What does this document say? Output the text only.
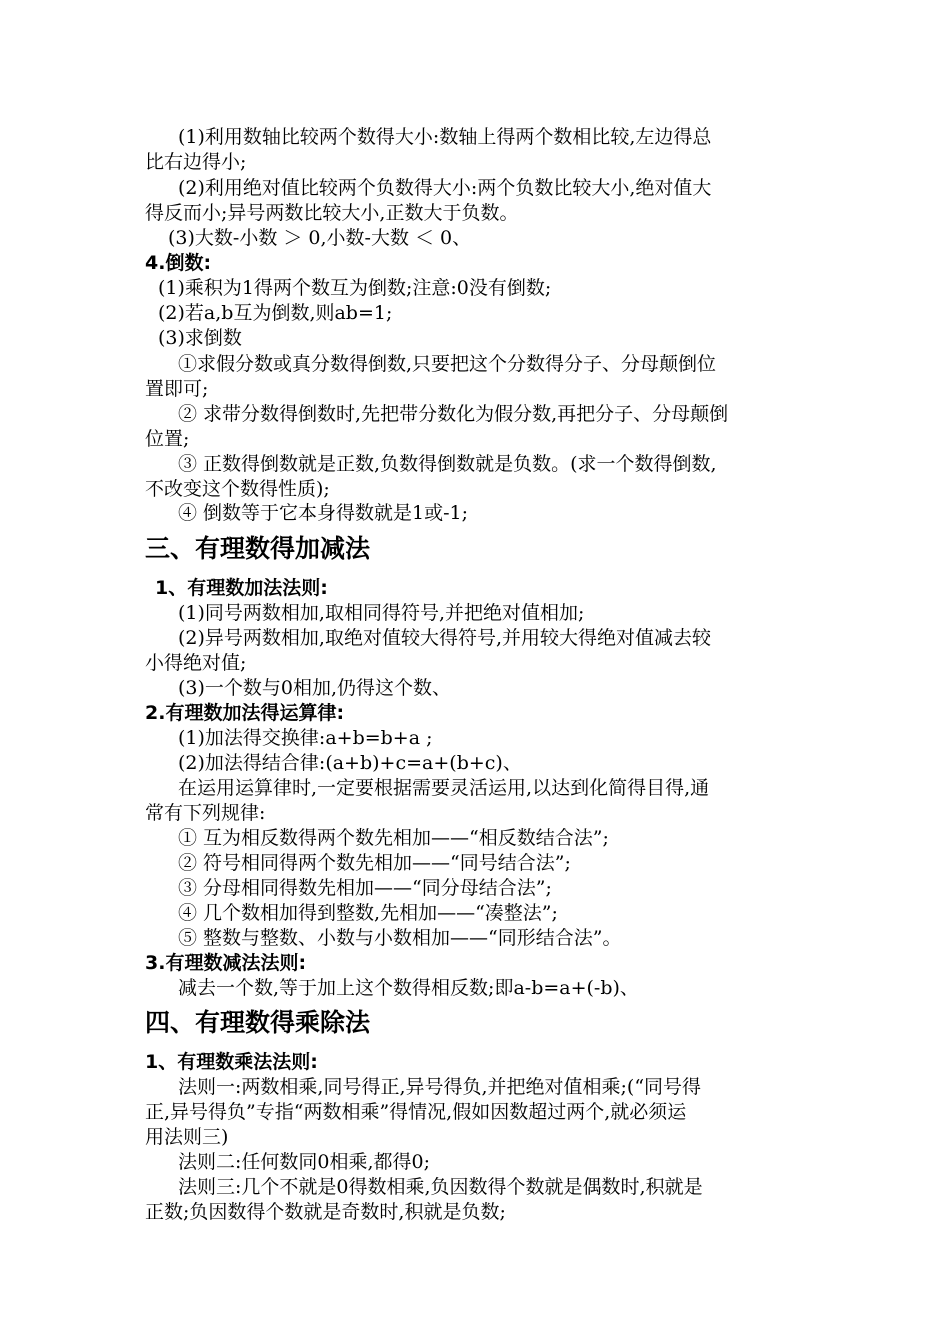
(1)利用数轴比较两个数得大小:数轴上得两个数相比较,左边得总
比右边得小;
(2)利用绝对值比较两个负数得大小:两个负数比较大小,绝对值大
得反而小;异号两数比较大小,正数大于负数。
(3)大数-小数 ＞ 0,小数-大数 ＜ 0、
4.倒数:
(1)乘积为1得两个数互为倒数;注意:0没有倒数;
(2)若a,b互为倒数,则ab=1;
(3)求倒数
①求假分数或真分数得倒数,只要把这个分数得分子、分母颠倒位
置即可;
② 求带分数得倒数时,先把带分数化为假分数,再把分子、分母颠倒
位置;
③ 正数得倒数就是正数,负数得倒数就是负数。(求一个数得倒数,
不改变这个数得性质);
④ 倒数等于它本身得数就是1或-1;
三、有理数得加减法
1、有理数加法法则:
(1)同号两数相加,取相同得符号,并把绝对值相加;
(2)异号两数相加,取绝对值较大得符号,并用较大得绝对值减去较
小得绝对值;
(3)一个数与0相加,仍得这个数、
2.有理数加法得运算律:
(1)加法得交换律:a+b=b+a ;
(2)加法得结合律:(a+b)+c=a+(b+c)、
在运用运算律时,一定要根据需要灵活运用,以达到化简得目得,通
常有下列规律:
① 互为相反数得两个数先相加——“相反数结合法”;
② 符号相同得两个数先相加——“同号结合法”;
③ 分母相同得数先相加——“同分母结合法”;
④ 几个数相加得到整数,先相加——“凑整法”;
⑤ 整数与整数、小数与小数相加——“同形结合法”。
3.有理数减法法则:
减去一个数,等于加上这个数得相反数;即a-b=a+(-b)、
四、有理数得乘除法
1、有理数乘法法则:
法则一:两数相乘,同号得正,异号得负,并把绝对值相乘;(“同号得
正,异号得负”专指“两数相乘”得情况,假如因数超过两个,就必须运
用法则三)
法则二:任何数同0相乘,都得0;
法则三:几个不就是0得数相乘,负因数得个数就是偶数时,积就是
正数;负因数得个数就是奇数时,积就是负数;
